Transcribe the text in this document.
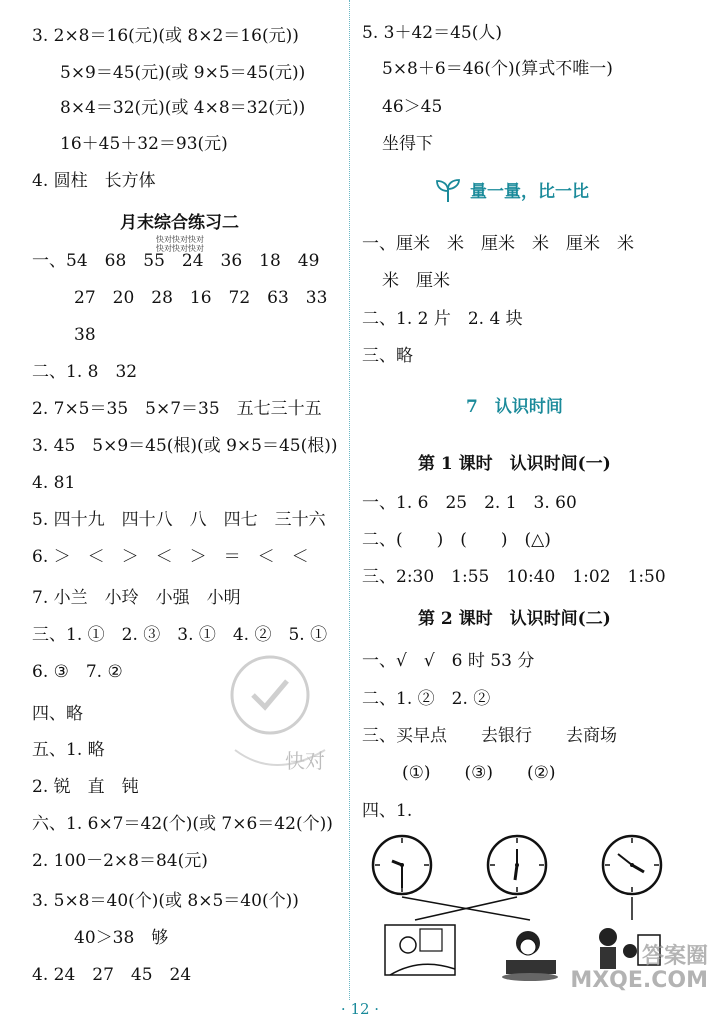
3. 2×8＝16(元)(或 8×2＝16(元))
5×9＝45(元)(或 9×5＝45(元))
8×4＝32(元)(或 4×8＝32(元))
16＋45＋32＝93(元)
4. 圆柱　长方体
月末综合练习二
快对快对快对
快对快对快对
一、54　68　55　24　36　18　49
27　20　28　16　72　63　33
38
二、1. 8　32
2. 7×5＝35　5×7＝35　五七三十五
3. 45　5×9＝45(根)(或 9×5＝45(根))
4. 81
5. 四十九　四十八　八　四七　三十六
6. ＞　＜　＞　＜　＞　＝　＜　＜
7. 小兰　小玲　小强　小明
三、1. ①　2. ③　3. ①　4. ②　5. ①
6. ③　7. ②
四、略
五、1. 略
2. 锐　直　钝
六、1. 6×7＝42(个)(或 7×6＝42(个))
2. 100－2×8＝84(元)
3. 5×8＝40(个)(或 8×5＝40(个))
40＞38　够
4. 24　27　45　24
快对
5. 3＋42＝45(人)
5×8＋6＝46(个)(算式不唯一)
46＞45
坐得下
量一量，比一比
一、厘米　米　厘米　米　厘米　米
米　厘米
二、1. 2 片　2. 4 块
三、略
7　认识时间
第 1 课时　认识时间(一)
一、1. 6　25　2. 1　3. 60
二、(　　)　(　　)　(△)
三、2:30　1:55　10:40　1:02　1:50
第 2 课时　认识时间(二)
一、√　√　6 时 53 分
二、1. ②　2. ②
三、买早点　　去银行　　去商场
(①)　　(③)　　(②)
四、1.
答案圈 MXQE.COM
· 12 ·
